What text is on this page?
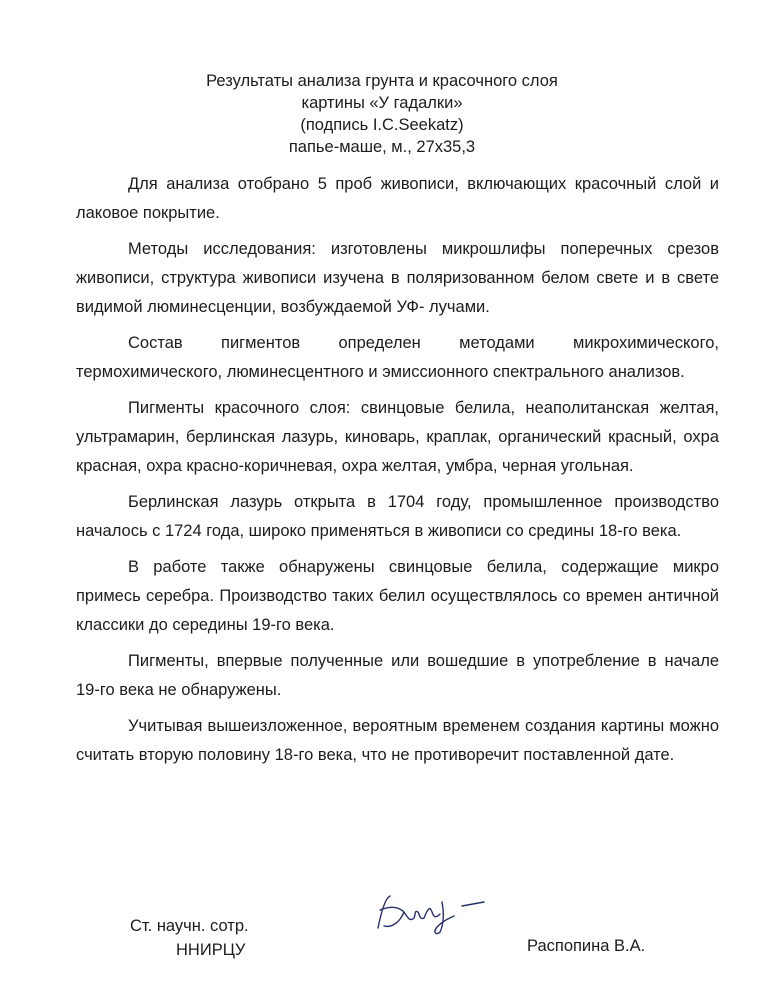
Результаты анализа грунта и красочного слоя
картины «У гадалки»
(подпись I.C.Seekatz)
папье-маше, м., 27x35,3

Для анализа отобрано 5 проб живописи, включающих красочный слой и лаковое покрытие.

Методы исследования: изготовлены микрошлифы поперечных срезов живописи, структура живописи изучена в поляризованном белом свете и в свете видимой люминесценции, возбуждаемой УФ- лучами.

Состав пигментов определен методами микрохимического, термохимического, люминесцентного и эмиссионного спектрального анализов.

Пигменты красочного слоя: свинцовые белила, неаполитанская желтая, ультрамарин, берлинская лазурь, киноварь, краплак, органический красный, охра красная, охра красно-коричневая, охра желтая, умбра, черная угольная.

Берлинская лазурь открыта в 1704 году, промышленное производство началось с 1724 года, широко применяться в живописи со средины 18-го века.

В работе также обнаружены свинцовые белила, содержащие микро примесь серебра. Производство таких белил осуществлялось со времен античной классики до середины 19-го века.

Пигменты, впервые полученные или вошедшие в употребление в начале 19-го века не обнаружены.

Учитывая вышеизложенное, вероятным временем создания картины можно считать вторую половину 18-го века, что не противоречит поставленной дате.

Ст. научн. сотр.
ННИРЦУ	Распопина В.А.
